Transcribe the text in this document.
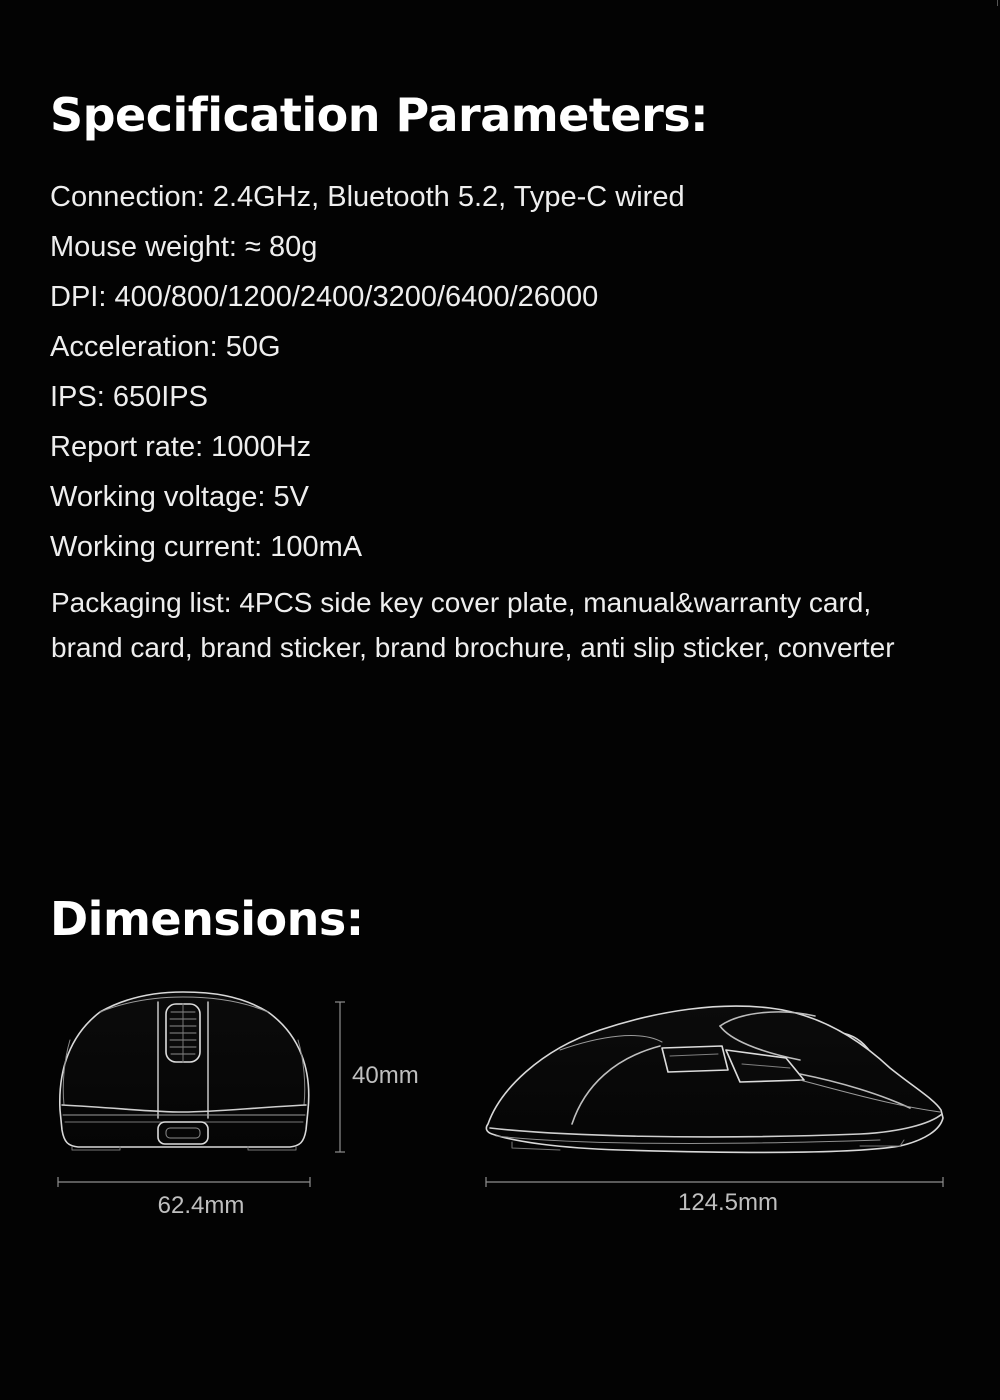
Specification Parameters:
Connection: 2.4GHz, Bluetooth 5.2, Type-C wired
Mouse weight: ≈ 80g
DPI: 400/800/1200/2400/3200/6400/26000
Acceleration: 50G
IPS: 650IPS
Report rate: 1000Hz
Working voltage: 5V
Working current: 100mA
Packaging list: 4PCS side key cover plate, manual&warranty card,
brand card, brand sticker, brand brochure, anti slip sticker, converter
Dimensions:
40mm
62.4mm	124.5mm
